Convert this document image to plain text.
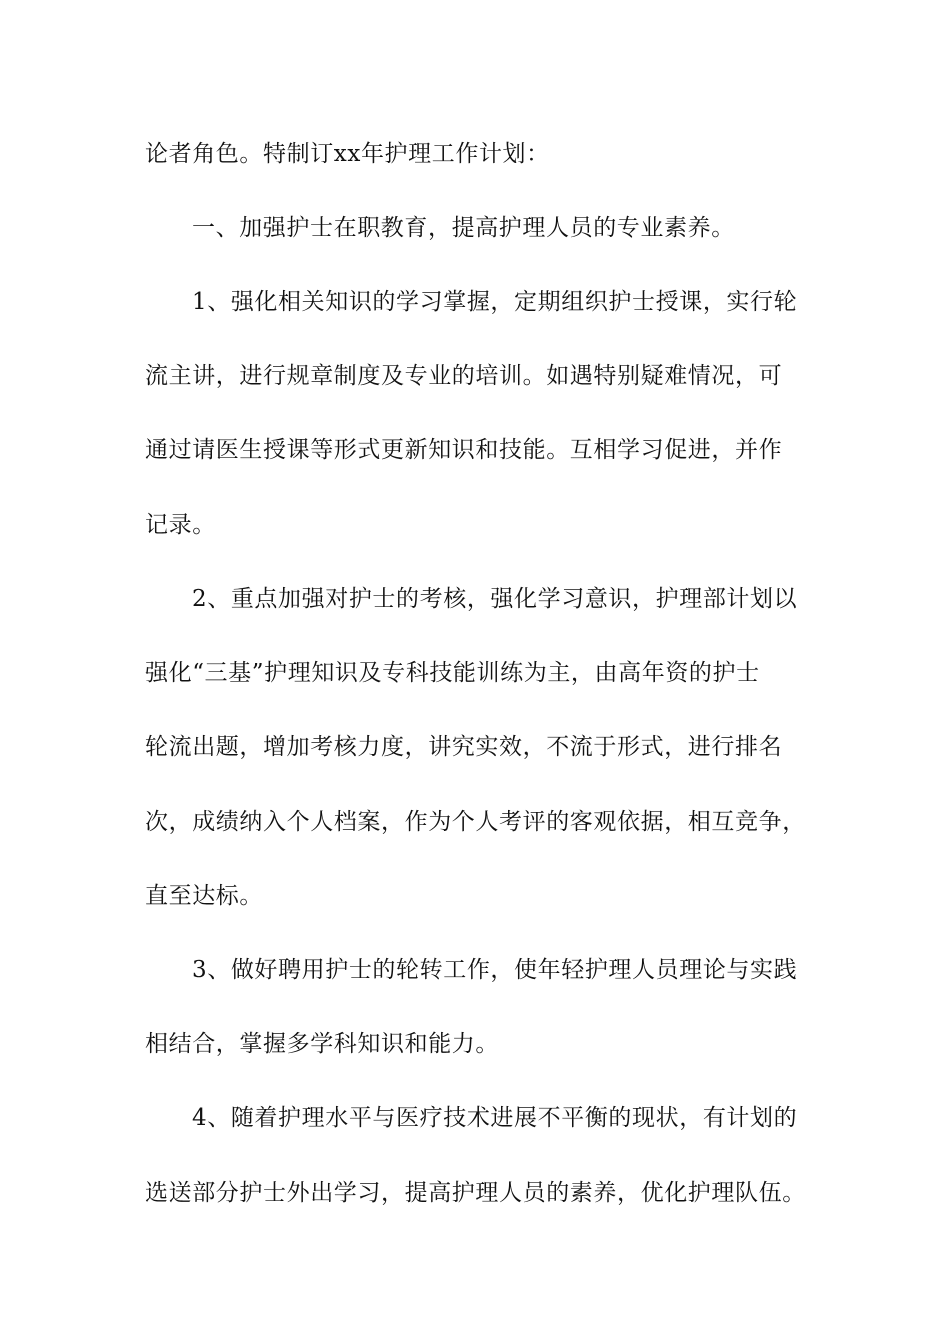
论者角色。特制订xx年护理工作计划：

一、加强护士在职教育，提高护理人员的专业素养。

1、强化相关知识的学习掌握，定期组织护士授课，实行轮

流主讲，进行规章制度及专业的培训。如遇特别疑难情况，可

通过请医生授课等形式更新知识和技能。互相学习促进，并作

记录。

2、重点加强对护士的考核，强化学习意识，护理部计划以

强化“三基”护理知识及专科技能训练为主，由高年资的护士

轮流出题，增加考核力度，讲究实效，不流于形式，进行排名

次，成绩纳入个人档案，作为个人考评的客观依据，相互竞争，

直至达标。

3、做好聘用护士的轮转工作，使年轻护理人员理论与实践

相结合，掌握多学科知识和能力。

4、随着护理水平与医疗技术进展不平衡的现状，有计划的

选送部分护士外出学习，提高护理人员的素养，优化护理队伍。
